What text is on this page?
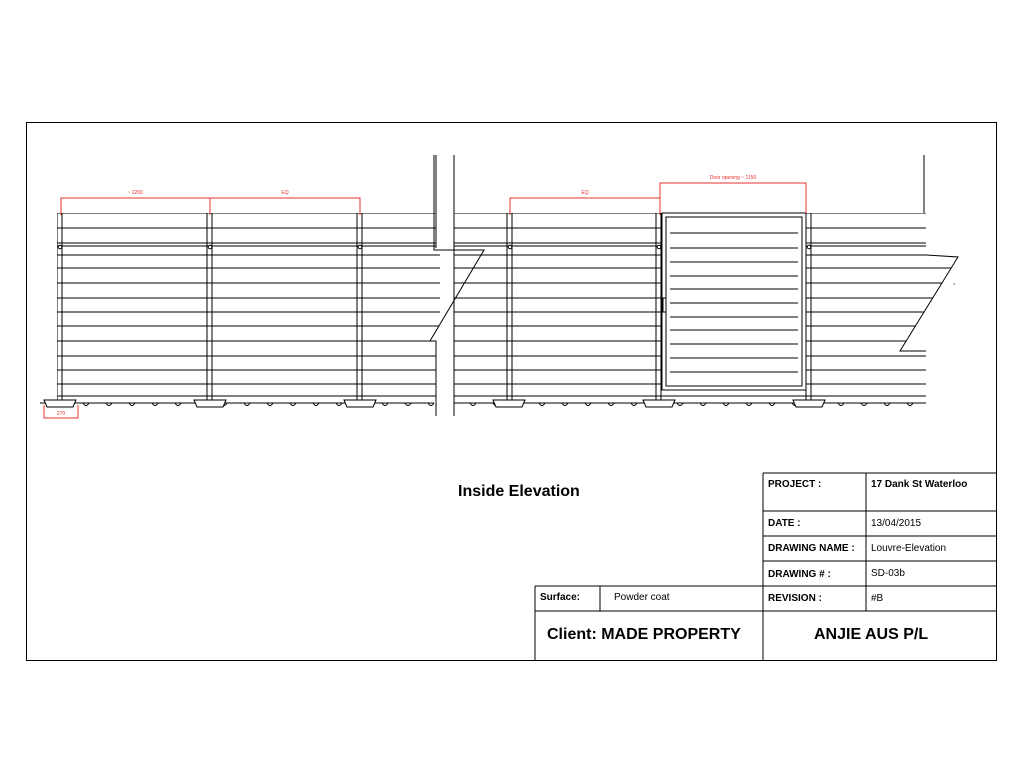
~ 1200	EQ	EQ
Door opening ~ 1150
270
Inside Elevation	PROJECT :	17 Dank St Waterloo
DATE :	13/04/2015
DRAWING NAME : Louvre-Elevation
DRAWING # :	SD-03b
Surface:	Powder coat	REVISION :	#B
Client: MADE PROPERTY	ANJIE AUS P/L
